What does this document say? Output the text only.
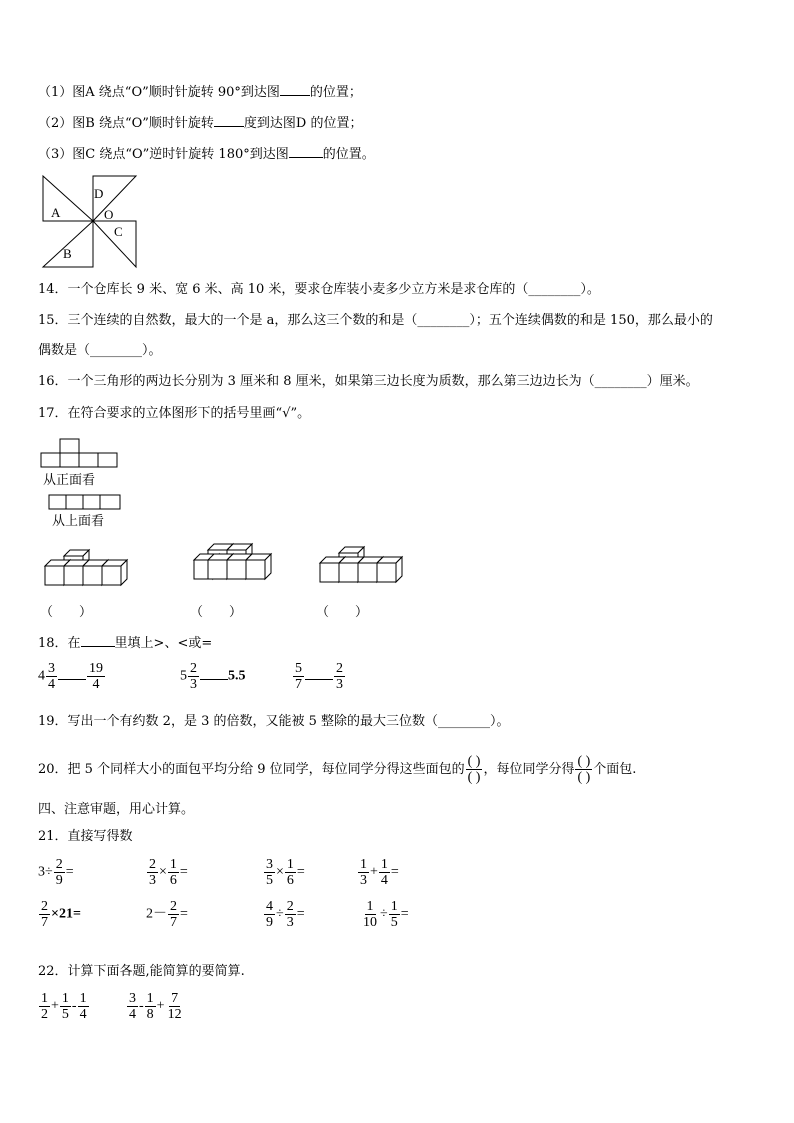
（1）图A 绕点“O”顺时针旋转 90°到达图 的位置；
（2）图B 绕点“O”顺时针旋转 度到达图D 的位置；
（3）图C 绕点“O”逆时针旋转 180°到达图	的位置。
A
D
O
C
B
14．一个仓库长 9 米、宽 6 米、高 10 米，要求仓库装小麦多少立方米是求仓库的（________）。
15．三个连续的自然数，最大的一个是 a，那么这三个数的和是（________）；五个连续偶数的和是 150，那么最小的
偶数是（________）。
16．一个三角形的两边长分别为 3 厘米和 8 厘米，如果第三边长度为质数，那么第三边边长为（________）厘米。
17．在符合要求的立体图形下的括号里画“√”。
从正面看
从上面看
（　　）	（　　）	（　　）
18．在	里填上>、<或=
$4 \frac{3}{4} \frac{19}{4}$	$5 \frac{2}{3} 5.5$	$\frac{5}{7} \frac{2}{3}$
19．写出一个有约数 2，是 3 的倍数，又能被 5 整除的最大三位数（________）。
20．把 5 个同样大小的面包平均分给 9 位同学，每位同学分得这些面包的 $\frac{( )}{( )}$ ，每位同学分得 $\frac{( )}{( )}$ 个面包.
四、注意审题，用心计算。
21．直接写得数
$3\div \frac{2}{9}$ =	$\frac{2}{3} \times \frac{1}{6}$ =	$\frac{3}{5} \times \frac{1}{6}$ =	$\frac{1}{3} + \frac{1}{4}$ =
$\frac{2}{7} \times 21=$	$2- \frac{2}{7}$ =	$\frac{4}{9} \div \frac{2}{3}$ =	$\frac{1}{10} \div \frac{1}{5}$ =
22．计算下面各题,能简算的要简算.
$\frac{1}{2} + \frac{1}{5} - \frac{1}{4}$	$\frac{3}{4} - \frac{1}{8} + \frac{7}{12}$
